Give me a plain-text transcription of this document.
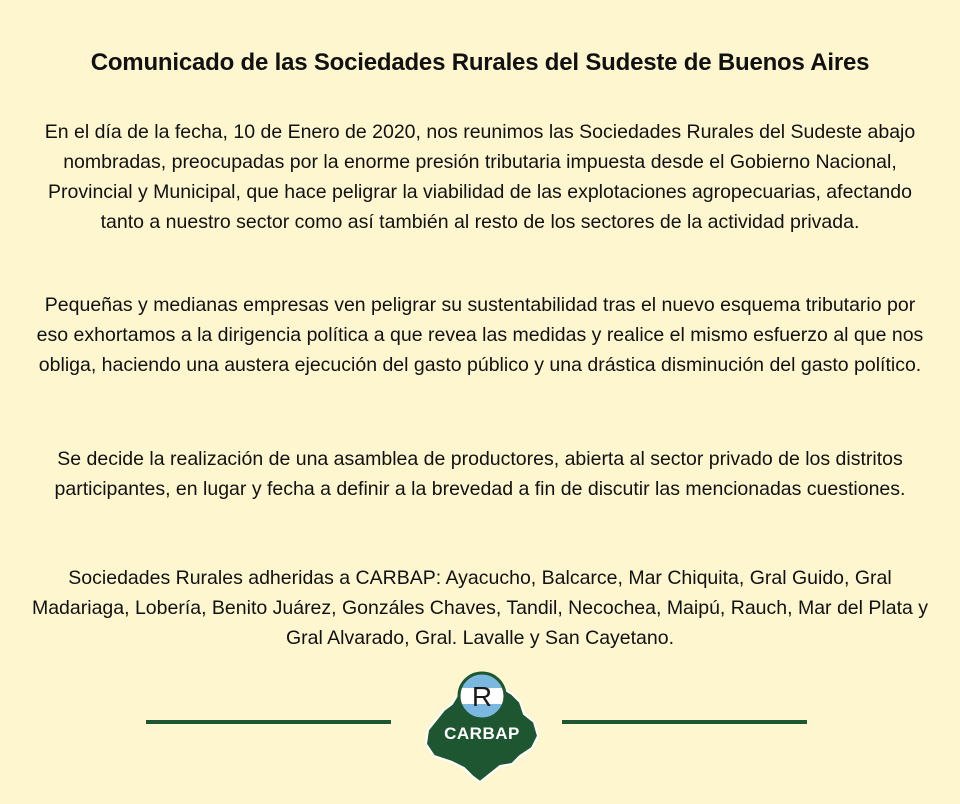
Comunicado de las Sociedades Rurales del Sudeste de Buenos Aires

En el día de la fecha, 10 de Enero de 2020, nos reunimos las Sociedades Rurales del Sudeste abajo nombradas, preocupadas por la enorme presión tributaria impuesta desde el Gobierno Nacional, Provincial y Municipal, que hace peligrar la viabilidad de las explotaciones agropecuarias, afectando tanto a nuestro sector como así también al resto de los sectores de la actividad privada.

Pequeñas y medianas empresas ven peligrar su sustentabilidad tras el nuevo esquema tributario por eso exhortamos a la dirigencia política a que revea las medidas y realice el mismo esfuerzo al que nos obliga, haciendo una austera ejecución del gasto público y una drástica disminución del gasto político.

Se decide la realización de una asamblea de productores, abierta al sector privado de los distritos participantes, en lugar y fecha a definir a la brevedad a fin de discutir las mencionadas cuestiones.

Sociedades Rurales adheridas a CARBAP: Ayacucho, Balcarce, Mar Chiquita, Gral Guido, Gral Madariaga, Lobería, Benito Juárez, Gonzáles Chaves, Tandil, Necochea, Maipú, Rauch, Mar del Plata y Gral Alvarado, Gral. Lavalle y San Cayetano.

R
CARBAP
